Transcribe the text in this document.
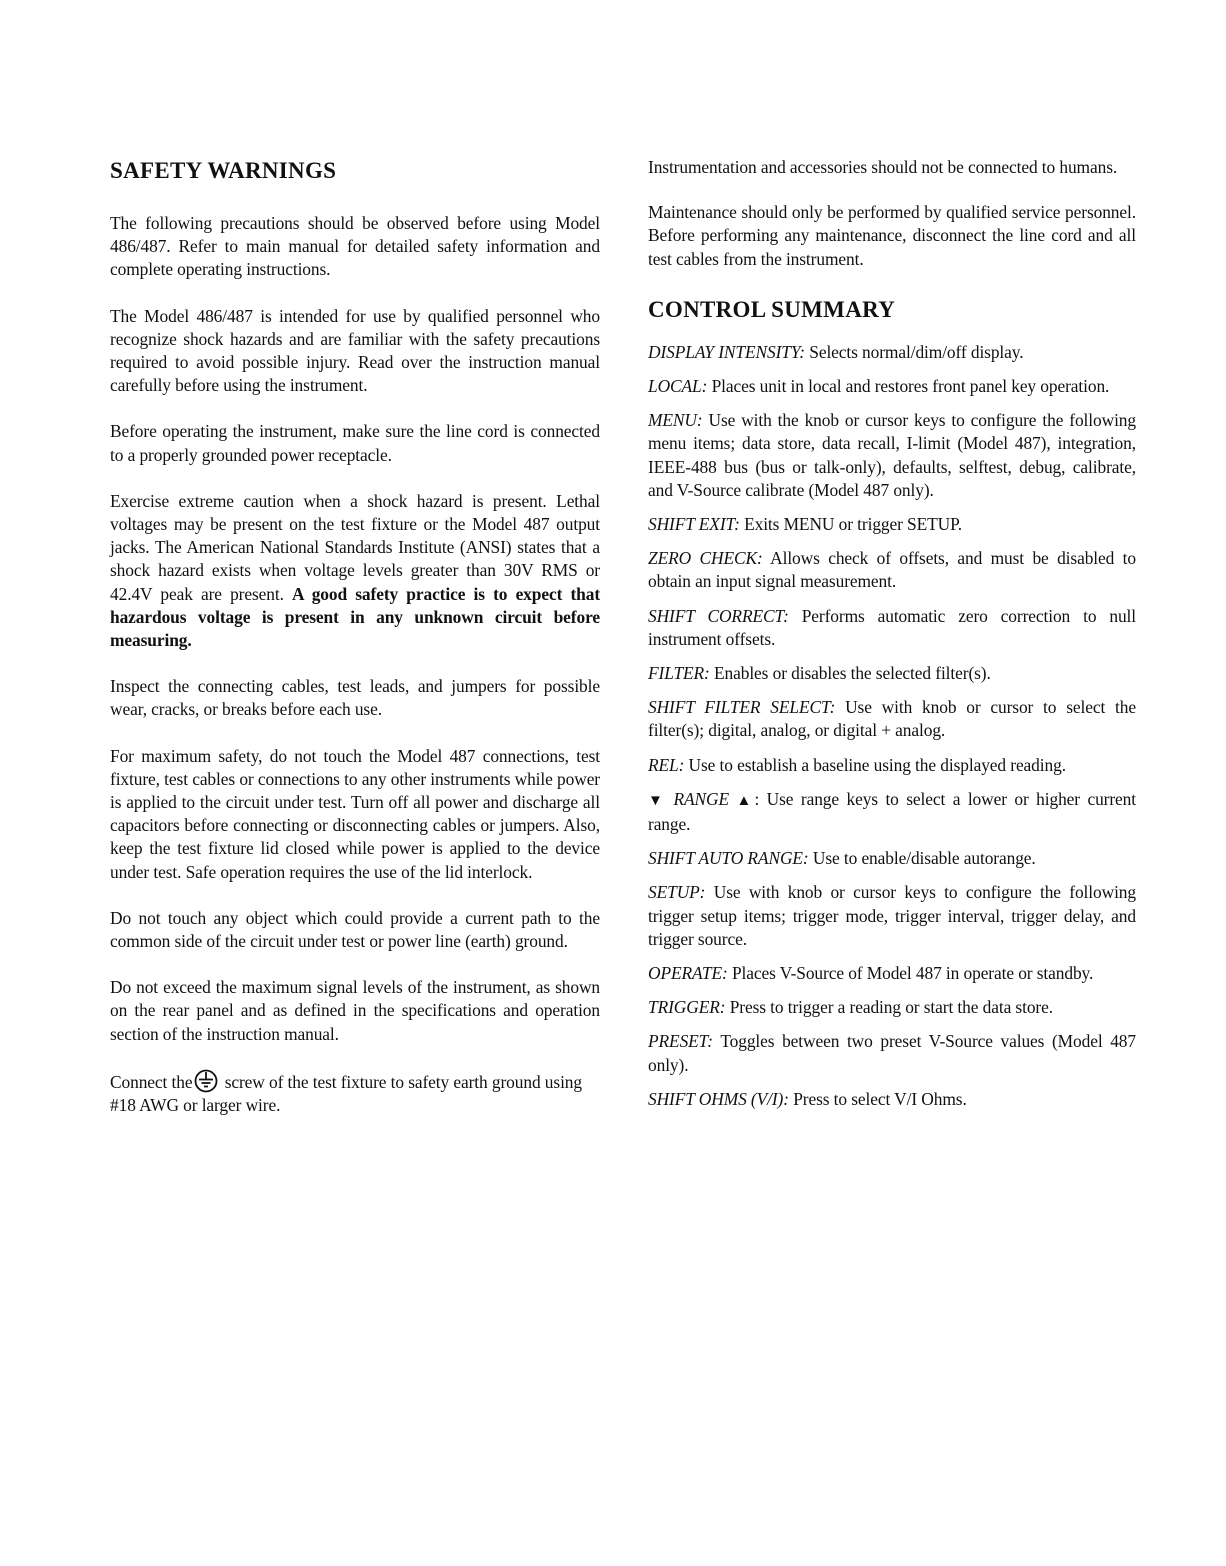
SAFETY WARNINGS

The following precautions should be observed before using Model 486/487. Refer to main manual for detailed safety information and complete operating instructions.

The Model 486/487 is intended for use by qualified personnel who recognize shock hazards and are familiar with the safety precautions required to avoid possible injury. Read over the instruction manual carefully before using the instrument.

Before operating the instrument, make sure the line cord is connected to a properly grounded power receptacle.

Exercise extreme caution when a shock hazard is present. Lethal voltages may be present on the test fixture or the Model 487 output jacks. The American National Standards Institute (ANSI) states that a shock hazard exists when voltage levels greater than 30V RMS or 42.4V peak are present. A good safety practice is to expect that hazardous voltage is present in any unknown circuit before measuring.

Inspect the connecting cables, test leads, and jumpers for possible wear, cracks, or breaks before each use.

For maximum safety, do not touch the Model 487 connections, test fixture, test cables or connections to any other instruments while power is applied to the circuit under test. Turn off all power and discharge all capacitors before connecting or disconnecting cables or jumpers. Also, keep the test fixture lid closed while power is applied to the device under test. Safe operation requires the use of the lid interlock.

Do not touch any object which could provide a current path to the common side of the circuit under test or power line (earth) ground.

Do not exceed the maximum signal levels of the instrument, as shown on the rear panel and as defined in the specifications and operation section of the instruction manual.

Connect the screw of the test fixture to safety earth ground using #18 AWG or larger wire.

Instrumentation and accessories should not be connected to humans.

Maintenance should only be performed by qualified service personnel. Before performing any maintenance, disconnect the line cord and all test cables from the instrument.

CONTROL SUMMARY

DISPLAY INTENSITY: Selects normal/dim/off display.

LOCAL: Places unit in local and restores front panel key operation.

MENU: Use with the knob or cursor keys to configure the following menu items; data store, data recall, I-limit (Model 487), integration, IEEE-488 bus (bus or talk-only), defaults, selftest, debug, calibrate, and V-Source calibrate (Model 487 only).

SHIFT EXIT: Exits MENU or trigger SETUP.

ZERO CHECK: Allows check of offsets, and must be disabled to obtain an input signal measurement.

SHIFT CORRECT: Performs automatic zero correction to null instrument offsets.

FILTER: Enables or disables the selected filter(s).

SHIFT FILTER SELECT: Use with knob or cursor to select the filter(s); digital, analog, or digital + analog.

REL: Use to establish a baseline using the displayed reading.

▼ RANGE ▲: Use range keys to select a lower or higher current range.

SHIFT AUTO RANGE: Use to enable/disable autorange.

SETUP: Use with knob or cursor keys to configure the following trigger setup items; trigger mode, trigger interval, trigger delay, and trigger source.

OPERATE: Places V-Source of Model 487 in operate or standby.

TRIGGER: Press to trigger a reading or start the data store.

PRESET: Toggles between two preset V-Source values (Model 487 only).

SHIFT OHMS (V/I): Press to select V/I Ohms.
